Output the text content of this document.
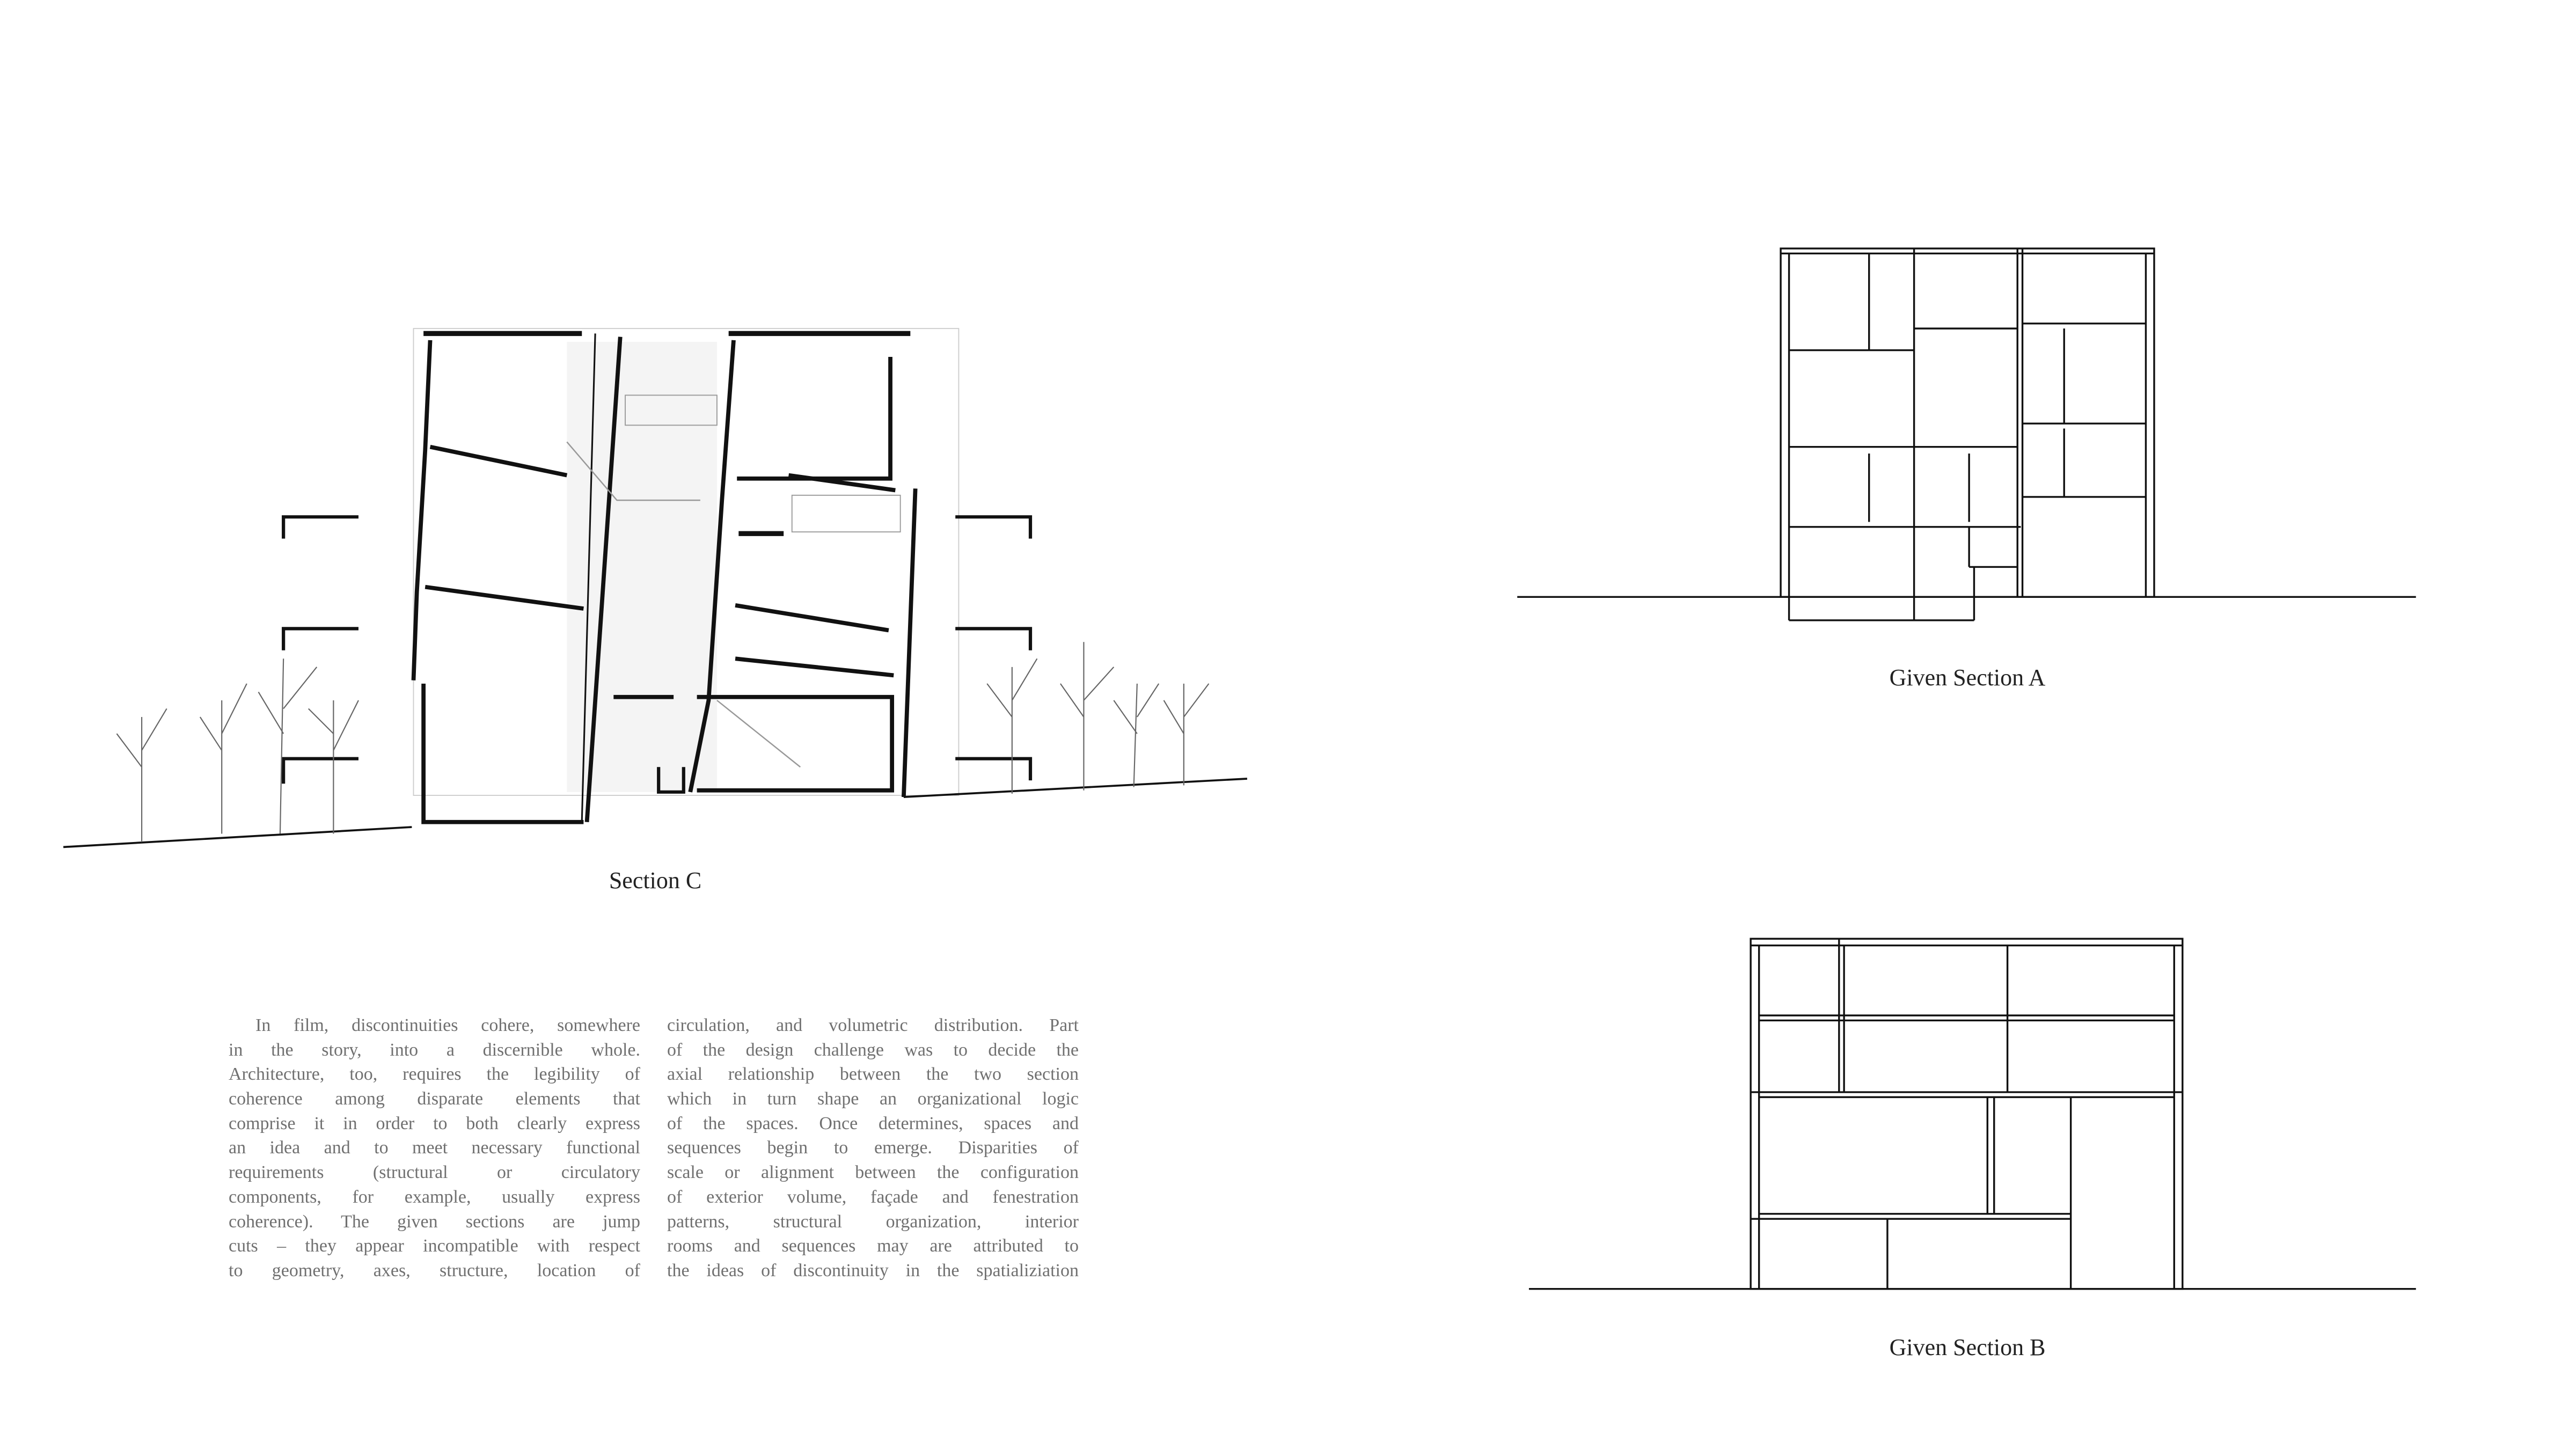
Section C
Given Section A
Given Section B
In film, discontinuities cohere, somewhere
in the story, into a discernible whole.
Architecture, too, requires the legibility of
coherence among disparate elements that
comprise it in order to both clearly express
an idea and to meet necessary functional
requirements (structural or circulatory
components, for example, usually express
coherence). The given sections are jump
cuts – they appear incompatible with respect
to geometry, axes, structure, location of
circulation, and volumetric distribution. Part
of the design challenge was to decide the
axial relationship between the two section
which in turn shape an organizational logic
of the spaces. Once determines, spaces and
sequences begin to emerge. Disparities of
scale or alignment between the configuration
of exterior volume, façade and fenestration
patterns, structural organization, interior
rooms and sequences may are attributed to
the ideas of discontinuity in the spatializiation
